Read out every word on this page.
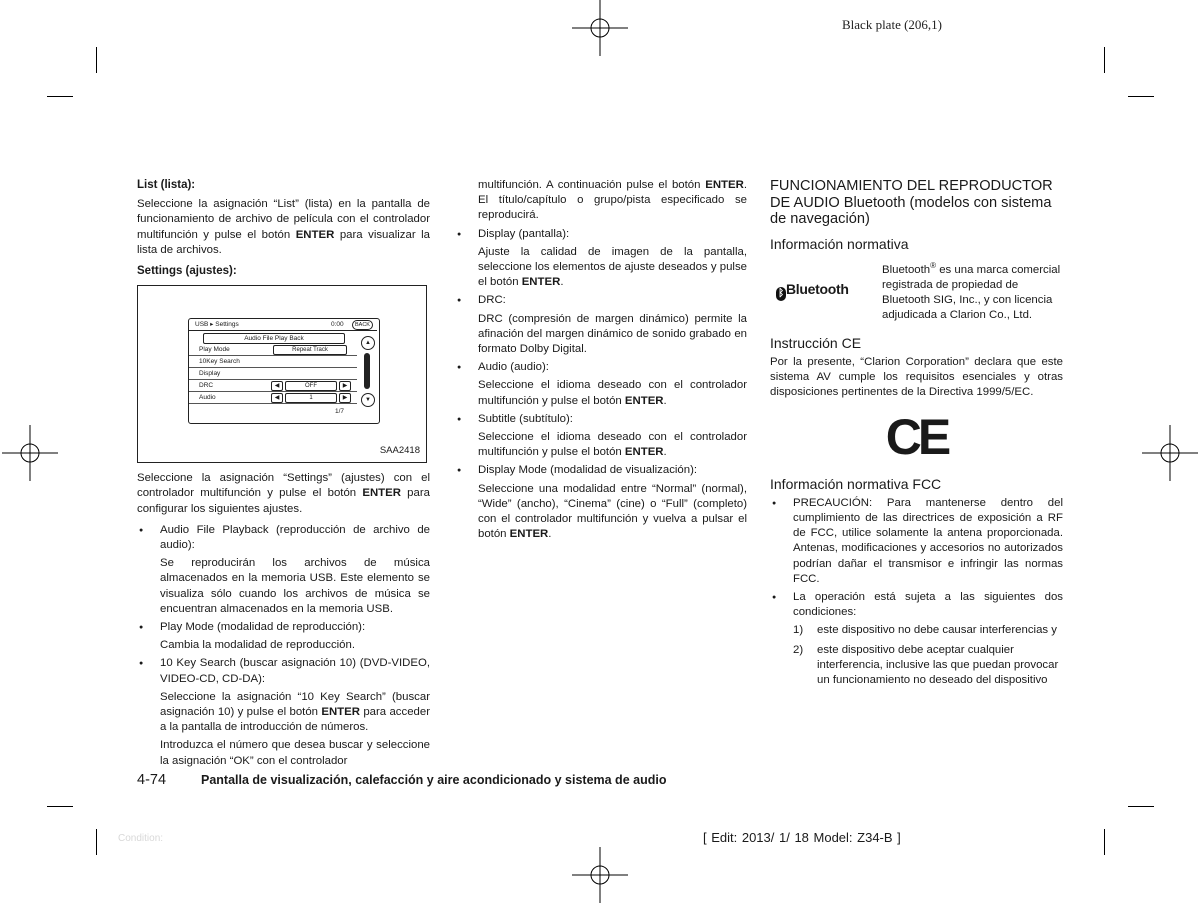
Black plate (206,1)
List (lista):

Seleccione la asignación “List” (lista) en la pantalla de funcionamiento de archivo de película con el controlador multifunción y pulse el botón ENTER para visualizar la lista de archivos.

Settings (ajustes):
USB ▸ Settings	0:00	BACK
Audio File Play Back
Play Mode	Repeat Track
10Key Search
Display
DRC	◀	OFF	▶
Audio	◀	1	▶
1/7
▲
▼
SAA2418

Seleccione la asignación “Settings” (ajustes) con el controlador multifunción y pulse el botón ENTER para configurar los siguientes ajustes.

● Audio File Playback (reproducción de archivo de audio):

Se reproducirán los archivos de música almacenados en la memoria USB. Este elemento se visualiza sólo cuando los archivos de música se encuentran almacenados en la memoria USB.

● Play Mode (modalidad de reproducción):

Cambia la modalidad de reproducción.

● 10 Key Search (buscar asignación 10) (DVD-VIDEO, VIDEO-CD, CD-DA):

Seleccione la asignación “10 Key Search” (buscar asignación 10) y pulse el botón ENTER para acceder a la pantalla de introducción de números.

Introduzca el número que desea buscar y seleccione la asignación “OK” con el controlador

multifunción. A continuación pulse el botón ENTER. El título/capítulo o grupo/pista especificado se reproducirá.

● Display (pantalla):

Ajuste la calidad de imagen de la pantalla, seleccione los elementos de ajuste deseados y pulse el botón ENTER.

● DRC:

DRC (compresión de margen dinámico) permite la afinación del margen dinámico de sonido grabado en formato Dolby Digital.

● Audio (audio):

Seleccione el idioma deseado con el controlador multifunción y pulse el botón ENTER.

● Subtitle (subtítulo):

Seleccione el idioma deseado con el controlador multifunción y pulse el botón ENTER.

● Display Mode (modalidad de visualización):

Seleccione una modalidad entre “Normal” (normal), “Wide” (ancho), “Cinema” (cine) o “Full” (completo) con el controlador multifunción y vuelva a pulsar el botón ENTER.

FUNCIONAMIENTO DEL REPRODUCTOR DE AUDIO Bluetooth (modelos con sistema de navegación)
Información normativa
ᛒ Bluetooth

Bluetooth® es una marca comercial registrada de propiedad de Bluetooth SIG, Inc., y con licencia adjudicada a Clarion Co., Ltd.

Instrucción CE

Por la presente, “Clarion Corporation” declara que este sistema AV cumple los requisitos esenciales y otras disposiciones pertinentes de la Directiva 1999/5/EC.

CE
Información normativa FCC

● PRECAUCIÓN: Para mantenerse dentro del cumplimiento de las directrices de exposición a RF de FCC, utilice solamente la antena proporcionada. Antenas, modificaciones y accesorios no autorizados podrían dañar el transmisor e infringir las normas FCC.

● La operación está sujeta a las siguientes dos condiciones:

1) este dispositivo no debe causar interferencias y
2) este dispositivo debe aceptar cualquier interferencia, inclusive las que puedan provocar un funcionamiento no deseado del dispositivo
4-74	Pantalla de visualización, calefacción y aire acondicionado y sistema de audio
Condition:	[ Edit: 2013/ 1/ 18 Model: Z34-B ]
